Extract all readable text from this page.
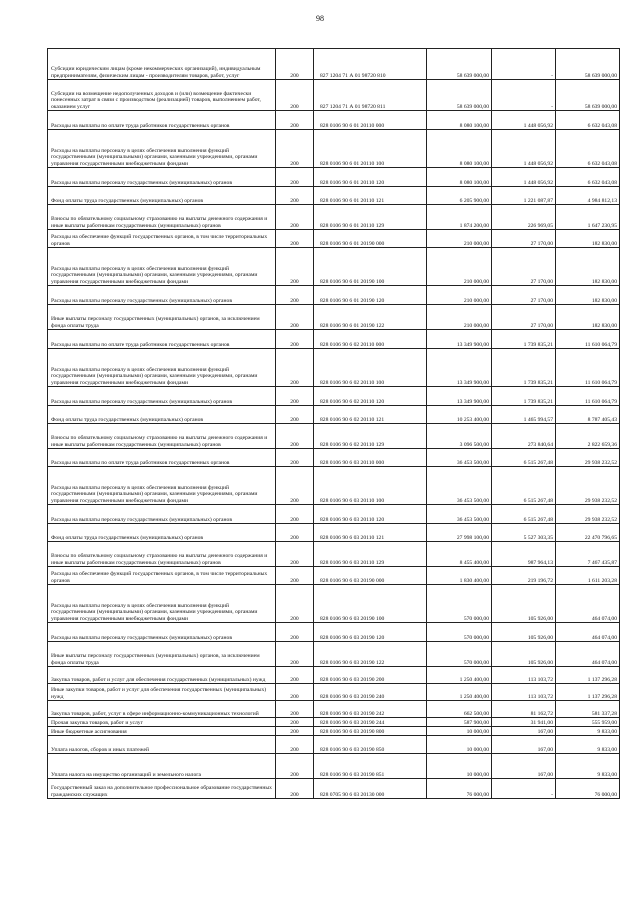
98
Субсидии юридическим лицам (кроме некоммерческих организаций), индивидуальным предпринимателям, физическим лицам - производителям товаров, работ, услуг	200	827 1204 71 А 01 98720 810	58 639 000,00	-	58 639 000,00
Субсидии на возмещение недополученных доходов и (или) возмещение фактически понесенных затрат в связи с производством (реализацией) товаров, выполнением работ, оказанием услуг	200	827 1204 71 А 01 98720 811	58 639 000,00	-	58 639 000,00
Расходы на выплаты по оплате труда работников государственных органов	200	828 0106 90 6 01 20110 000	8 080 100,00	1 448 056,92	6 632 043,08
Расходы на выплаты персоналу в целях обеспечения выполнения функций государственными (муниципальными) органами, казенными учреждениями, органами управления государственными внебюджетными фондами	200	828 0106 90 6 01 20110 100	8 080 100,00	1 448 056,92	6 632 043,08
Расходы на выплаты персоналу государственных (муниципальных) органов	200	828 0106 90 6 01 20110 120	8 080 100,00	1 448 056,92	6 632 043,08
Фонд оплаты труда государственных (муниципальных) органов	200	828 0106 90 6 01 20110 121	6 205 900,00	1 221 087,87	4 984 812,13
Взносы по обязательному социальному страхованию на выплаты денежного содержания и иные выплаты работникам государственных (муниципальных) органов	200	828 0106 90 6 01 20110 129	1 874 200,00	226 969,05	1 647 230,95
Расходы на обеспечение функций государственных органов, в том числе территориальных органов	200	828 0106 90 6 01 20190 000	210 000,00	27 170,00	182 830,00
Расходы на выплаты персоналу в целях обеспечения выполнения функций государственными (муниципальными) органами, казенными учреждениями, органами управления государственными внебюджетными фондами	200	828 0106 90 6 01 20190 100	210 000,00	27 170,00	182 830,00
Расходы на выплаты персоналу государственных (муниципальных) органов	200	828 0106 90 6 01 20190 120	210 000,00	27 170,00	182 830,00
Иные выплаты персоналу государственных (муниципальных) органов, за исключением фонда оплаты труда	200	828 0106 90 6 01 20190 122	210 000,00	27 170,00	182 830,00
Расходы на выплаты по оплате труда работников государственных органов	200	828 0106 90 6 02 20110 000	13 349 900,00	1 739 835,21	11 610 064,79
Расходы на выплаты персоналу в целях обеспечения выполнения функций государственными (муниципальными) органами, казенными учреждениями, органами управления государственными внебюджетными фондами	200	828 0106 90 6 02 20110 100	13 349 900,00	1 739 835,21	11 610 064,79
Расходы на выплаты персоналу государственных (муниципальных) органов	200	828 0106 90 6 02 20110 120	13 349 900,00	1 739 835,21	11 610 064,79
Фонд оплаты труда государственных (муниципальных) органов	200	828 0106 90 6 02 20110 121	10 253 400,00	1 465 994,57	8 787 405,43
Взносы по обязательному социальному страхованию на выплаты денежного содержания и иные выплаты работникам государственных (муниципальных) органов	200	828 0106 90 6 02 20110 129	3 096 500,00	273 840,64	2 822 659,36
Расходы на выплаты по оплате труда работников государственных органов	200	828 0106 90 6 03 20110 000	36 453 500,00	6 515 267,48	29 938 232,52
Расходы на выплаты персоналу в целях обеспечения выполнения функций государственными (муниципальными) органами, казенными учреждениями, органами управления государственными внебюджетными фондами	200	828 0106 90 6 03 20110 100	36 453 500,00	6 515 267,48	29 938 232,52
Расходы на выплаты персоналу государственных (муниципальных) органов	200	828 0106 90 6 03 20110 120	36 453 500,00	6 515 267,48	29 938 232,52
Фонд оплаты труда государственных (муниципальных) органов	200	828 0106 90 6 03 20110 121	27 998 100,00	5 527 303,35	22 470 796,65
Взносы по обязательному социальному страхованию на выплаты денежного содержания и иные выплаты работникам государственных (муниципальных) органов	200	828 0106 90 6 03 20110 129	8 455 400,00	987 964,13	7 467 435,87
Расходы на обеспечение функций государственных органов, в том числе территориальных органов	200	828 0106 90 6 03 20190 000	1 830 400,00	219 196,72	1 611 203,28
Расходы на выплаты персоналу в целях обеспечения выполнения функций государственными (муниципальными) органами, казенными учреждениями, органами управления государственными внебюджетными фондами	200	828 0106 90 6 03 20190 100	570 000,00	105 926,00	464 074,00
Расходы на выплаты персоналу государственных (муниципальных) органов	200	828 0106 90 6 03 20190 120	570 000,00	105 926,00	464 074,00
Иные выплаты персоналу государственных (муниципальных) органов, за исключением фонда оплаты труда	200	828 0106 90 6 03 20190 122	570 000,00	105 926,00	464 074,00
Закупка товаров, работ и услуг для обеспечения государственных (муниципальных) нужд	200	828 0106 90 6 03 20190 200	1 250 400,00	113 103,72	1 137 296,28
Иные закупки товаров, работ и услуг для обеспечения государственных (муниципальных) нужд	200	828 0106 90 6 03 20190 240	1 250 400,00	113 103,72	1 137 296,28
Закупка товаров, работ, услуг в сфере информационно-коммуникационных технологий	200	828 0106 90 6 03 20190 242	662 500,00	81 162,72	581 337,28
Прочая закупка товаров, работ и услуг	200	828 0106 90 6 03 20190 244	587 900,00	31 941,00	555 959,00
Иные бюджетные ассигнования	200	828 0106 90 6 03 20190 800	10 000,00	167,00	9 833,00
Уплата налогов, сборов и иных платежей	200	828 0106 90 6 03 20190 850	10 000,00	167,00	9 833,00
Уплата налога на имущество организаций и земельного налога	200	828 0106 90 6 03 20190 851	10 000,00	167,00	9 833,00
Государственный заказ на дополнительное профессиональное образование государственных гражданских служащих	200	828 0705 90 6 03 20130 000	76 000,00	-	76 000,00
